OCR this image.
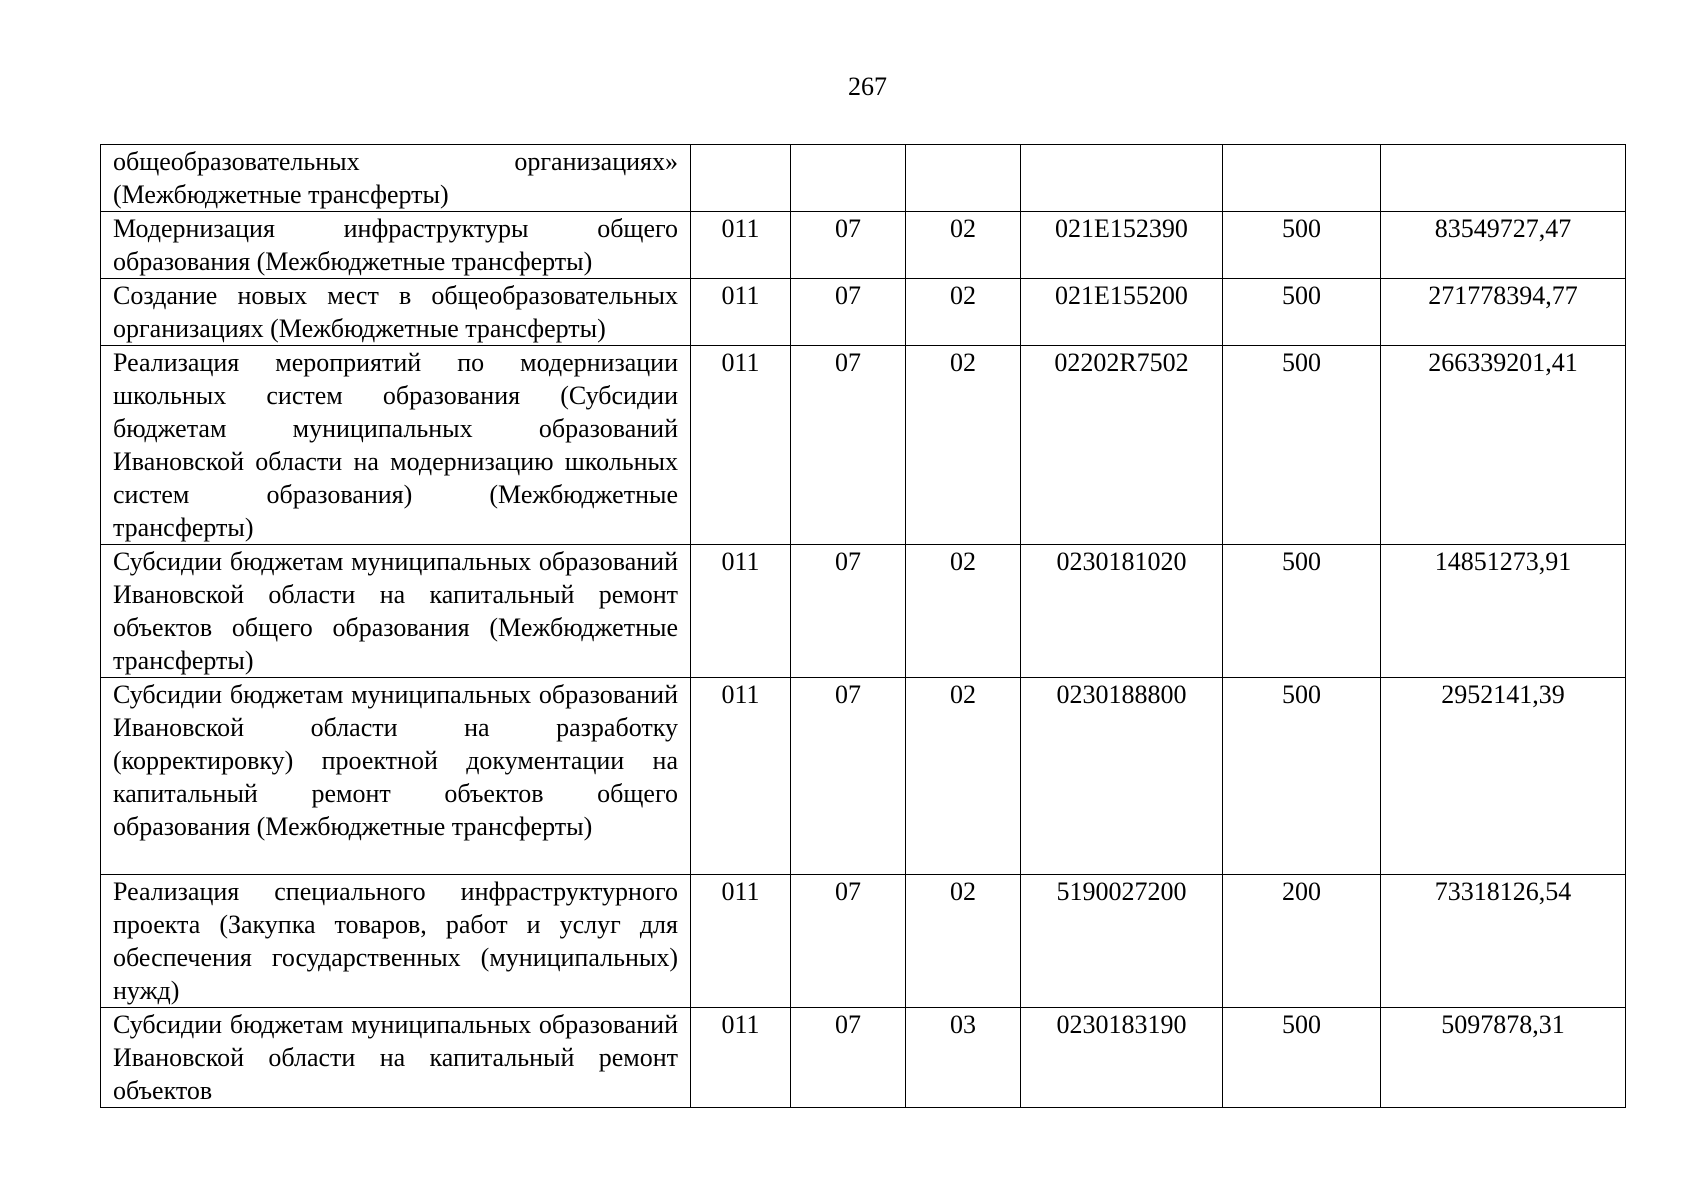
267
общеобразовательных организациях» (Межбюджетные трансферты)						
Модернизация инфраструктуры общего образования (Межбюджетные трансферты)	011	07	02	021E152390	500	83549727,47
Создание новых мест в общеобразовательных организациях (Межбюджетные трансферты)	011	07	02	021E155200	500	271778394,77
Реализация мероприятий по модернизации школьных систем образования (Субсидии бюджетам муниципальных образований Ивановской области на модернизацию школьных систем образования) (Межбюджетные трансферты)	011	07	02	02202R7502	500	266339201,41
Субсидии бюджетам муниципальных образований Ивановской области на капитальный ремонт объектов общего образования (Межбюджетные трансферты)	011	07	02	0230181020	500	14851273,91
Субсидии бюджетам муниципальных образований Ивановской области на разработку (корректировку) проектной документации на капитальный ремонт объектов общего образования (Межбюджетные трансферты)	011	07	02	0230188800	500	2952141,39
Реализация специального инфраструктурного проекта (Закупка товаров, работ и услуг для обеспечения государственных (муниципальных) нужд)	011	07	02	5190027200	200	73318126,54
Субсидии бюджетам муниципальных образований Ивановской области на капитальный ремонт объектов	011	07	03	0230183190	500	5097878,31
